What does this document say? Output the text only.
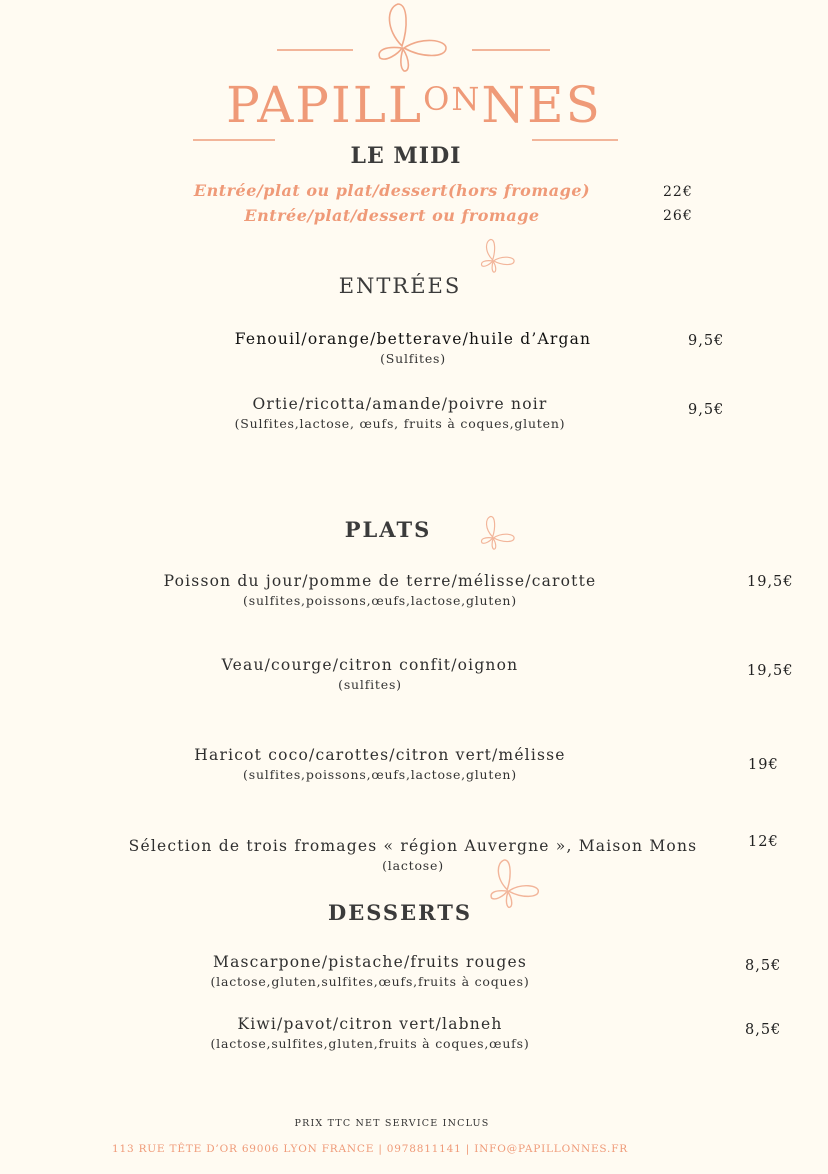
PAPILLONNES
LE MIDI
Entrée/plat ou plat/dessert(hors fromage)	22€
Entrée/plat/dessert ou fromage	26€
ENTRÉES
Fenouil/orange/betterave/huile d’Argan
(Sulfites)
9,5€
Ortie/ricotta/amande/poivre noir
(Sulfites,lactose, œufs, fruits à coques,gluten)
9,5€
PLATS
Poisson du jour/pomme de terre/mélisse/carotte
(sulfites,poissons,œufs,lactose,gluten)
19,5€
Veau/courge/citron confit/oignon
(sulfites)
19,5€
Haricot coco/carottes/citron vert/mélisse
(sulfites,poissons,œufs,lactose,gluten)
19€
Sélection de trois fromages « région Auvergne », Maison Mons
(lactose)
12€
DESSERTS
Mascarpone/pistache/fruits rouges
(lactose,gluten,sulfites,œufs,fruits à coques)
8,5€
Kiwi/pavot/citron vert/labneh
(lactose,sulfites,gluten,fruits à coques,œufs)
8,5€
PRIX TTC NET SERVICE INCLUS
113 RUE TÊTE D’OR 69006 LYON FRANCE | 0978811141 | INFO@PAPILLONNES.FR
